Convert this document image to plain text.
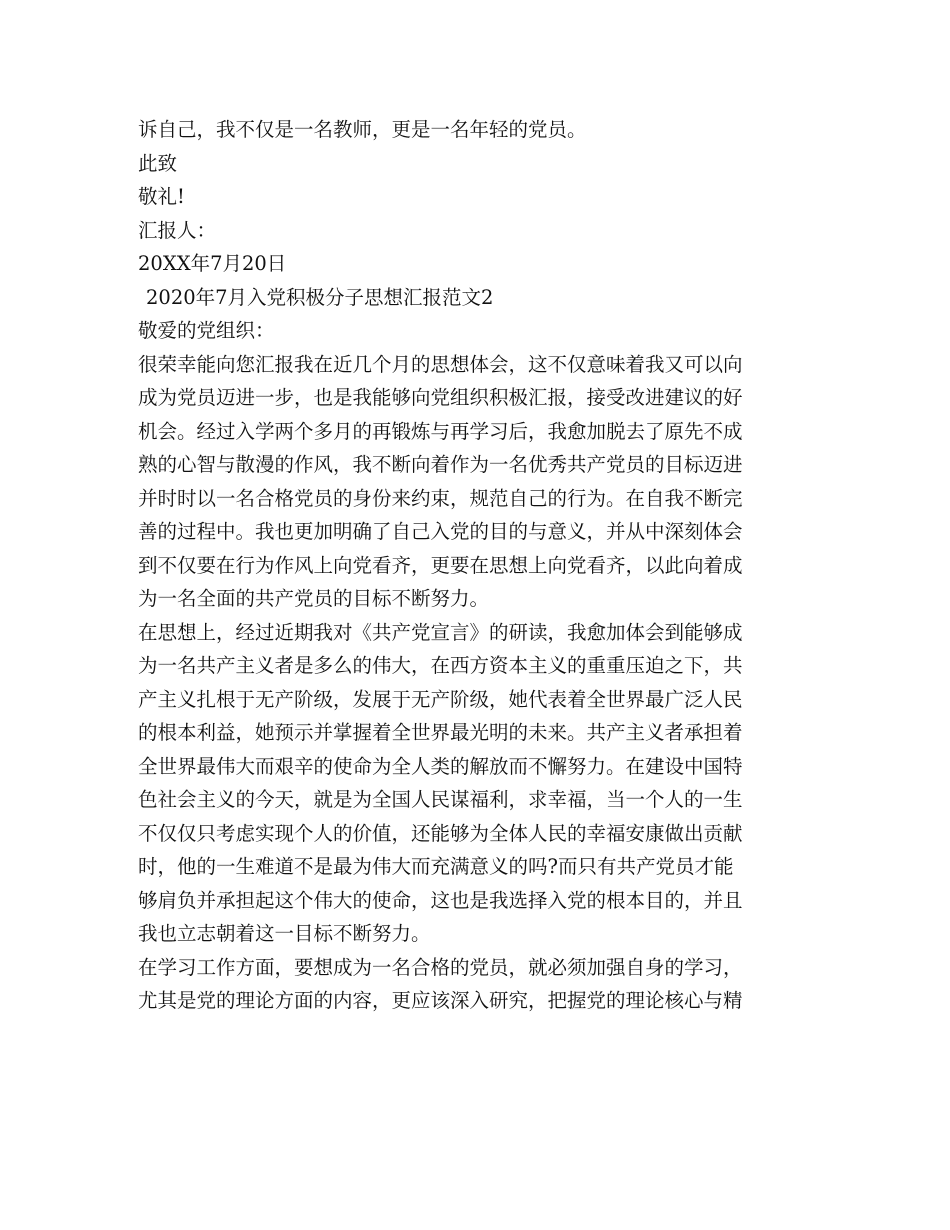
诉自己，我不仅是一名教师，更是一名年轻的党员。
此致
敬礼!
汇报人：
20XX年7月20日
2020年7月入党积极分子思想汇报范文2
敬爱的党组织：
很荣幸能向您汇报我在近几个月的思想体会，这不仅意味着我又可以向
成为党员迈进一步，也是我能够向党组织积极汇报，接受改进建议的好
机会。经过入学两个多月的再锻炼与再学习后，我愈加脱去了原先不成
熟的心智与散漫的作风，我不断向着作为一名优秀共产党员的目标迈进
并时时以一名合格党员的身份来约束，规范自己的行为。在自我不断完
善的过程中。我也更加明确了自己入党的目的与意义，并从中深刻体会
到不仅要在行为作风上向党看齐，更要在思想上向党看齐，以此向着成
为一名全面的共产党员的目标不断努力。
在思想上，经过近期我对《共产党宣言》的研读，我愈加体会到能够成
为一名共产主义者是多么的伟大，在西方资本主义的重重压迫之下，共
产主义扎根于无产阶级，发展于无产阶级，她代表着全世界最广泛人民
的根本利益，她预示并掌握着全世界最光明的未来。共产主义者承担着
全世界最伟大而艰辛的使命为全人类的解放而不懈努力。在建设中国特
色社会主义的今天，就是为全国人民谋福利，求幸福，当一个人的一生
不仅仅只考虑实现个人的价值，还能够为全体人民的幸福安康做出贡献
时，他的一生难道不是最为伟大而充满意义的吗?而只有共产党员才能
够肩负并承担起这个伟大的使命，这也是我选择入党的根本目的，并且
我也立志朝着这一目标不断努力。
在学习工作方面，要想成为一名合格的党员，就必须加强自身的学习，
尤其是党的理论方面的内容，更应该深入研究，把握党的理论核心与精
